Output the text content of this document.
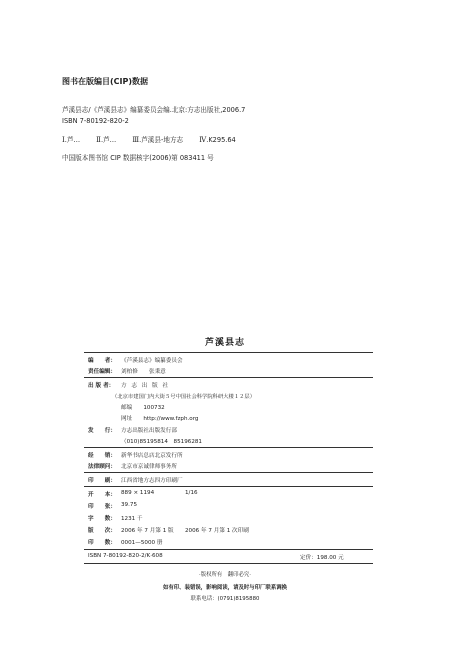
图书在版编目(CIP)数据
芦溪县志/《芦溪县志》编纂委员会编.北京:方志出版社,2006.7
ISBN 7-80192-820-2
Ⅰ.芦… Ⅱ.芦… Ⅲ.芦溪县-地方志 Ⅳ.K295.64
中国版本图书馆 CIP 数据核字(2006)第 083411 号
芦溪县志
编　　者： 《芦溪县志》编纂委员会
责任编辑： 刘柏修　　张秉意
出 版 者： 方 志 出 版 社
（北京市建国门内大街５号中国社会科学院科研大楼１２层）
邮编　　100732
网址　　http://www.fzph.org
发　　行： 方志出版社出版发行部
（010)85195814　85196281
经　　销： 新华书店总店北京发行所
法律顾问： 北京市京诚律师事务所
印　　刷： 江西省地方志四方印刷厂
开　　本： 889 × 1194	1/16
印　　张： 39.75
字　　数： 1231 千
版　　次： 2006 年 7 月第 1 版 2006 年 7 月第 1 次印刷
印　　数： 0001—5000 册
ISBN 7-80192-820-2/K·608	定价：198.00 元
·版权所有　翻印必究·
如有印、装错误，影响阅读，请及时与印厂联系调换
联系电话：(0791)8195880
